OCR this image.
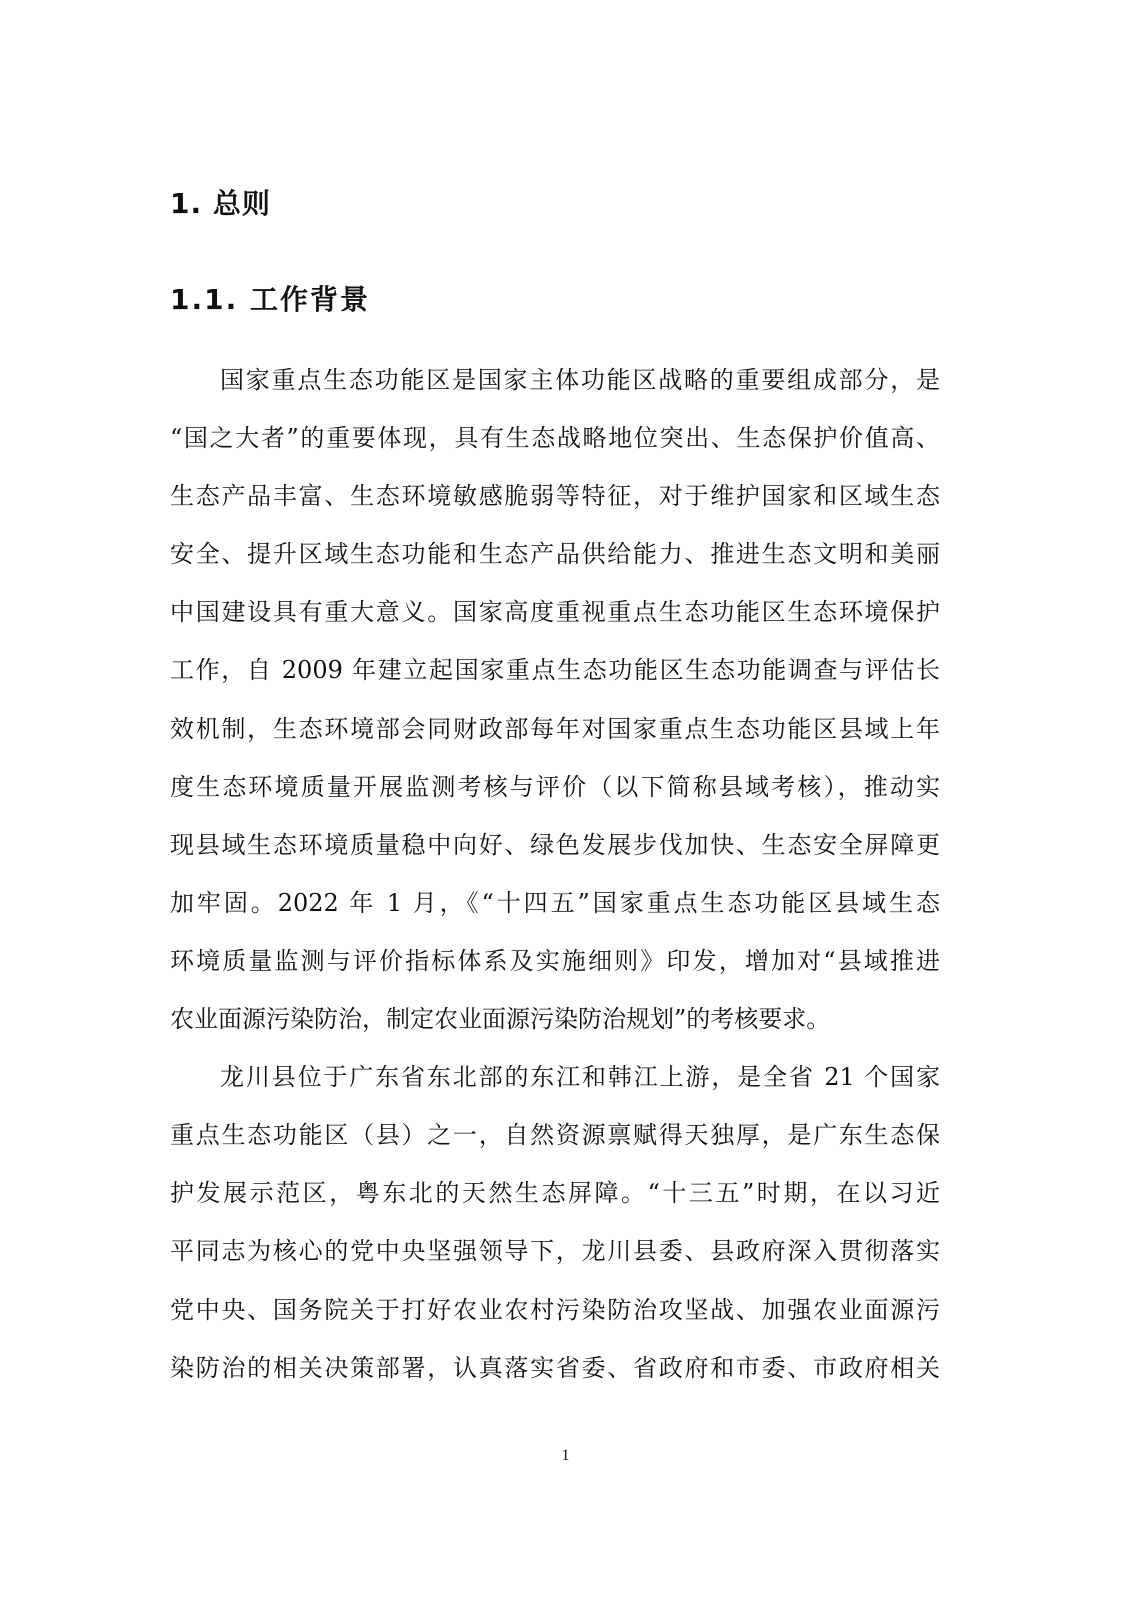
1. 总则
1.1. 工作背景
国家重点生态功能区是国家主体功能区战略的重要组成部分，是
“国之大者”的重要体现，具有生态战略地位突出、生态保护价值高、
生态产品丰富、生态环境敏感脆弱等特征，对于维护国家和区域生态
安全、提升区域生态功能和生态产品供给能力、推进生态文明和美丽
中国建设具有重大意义。国家高度重视重点生态功能区生态环境保护
工作，自 2009 年建立起国家重点生态功能区生态功能调查与评估长
效机制，生态环境部会同财政部每年对国家重点生态功能区县域上年
度生态环境质量开展监测考核与评价（以下简称县域考核），推动实
现县域生态环境质量稳中向好、绿色发展步伐加快、生态安全屏障更
加牢固。2022 年 1 月，《“十四五”国家重点生态功能区县域生态
环境质量监测与评价指标体系及实施细则》印发，增加对“县域推进
农业面源污染防治，制定农业面源污染防治规划”的考核要求。
龙川县位于广东省东北部的东江和韩江上游，是全省 21 个国家
重点生态功能区（县）之一，自然资源禀赋得天独厚，是广东生态保
护发展示范区，粤东北的天然生态屏障。“十三五”时期，在以习近
平同志为核心的党中央坚强领导下，龙川县委、县政府深入贯彻落实
党中央、国务院关于打好农业农村污染防治攻坚战、加强农业面源污
染防治的相关决策部署，认真落实省委、省政府和市委、市政府相关
1
